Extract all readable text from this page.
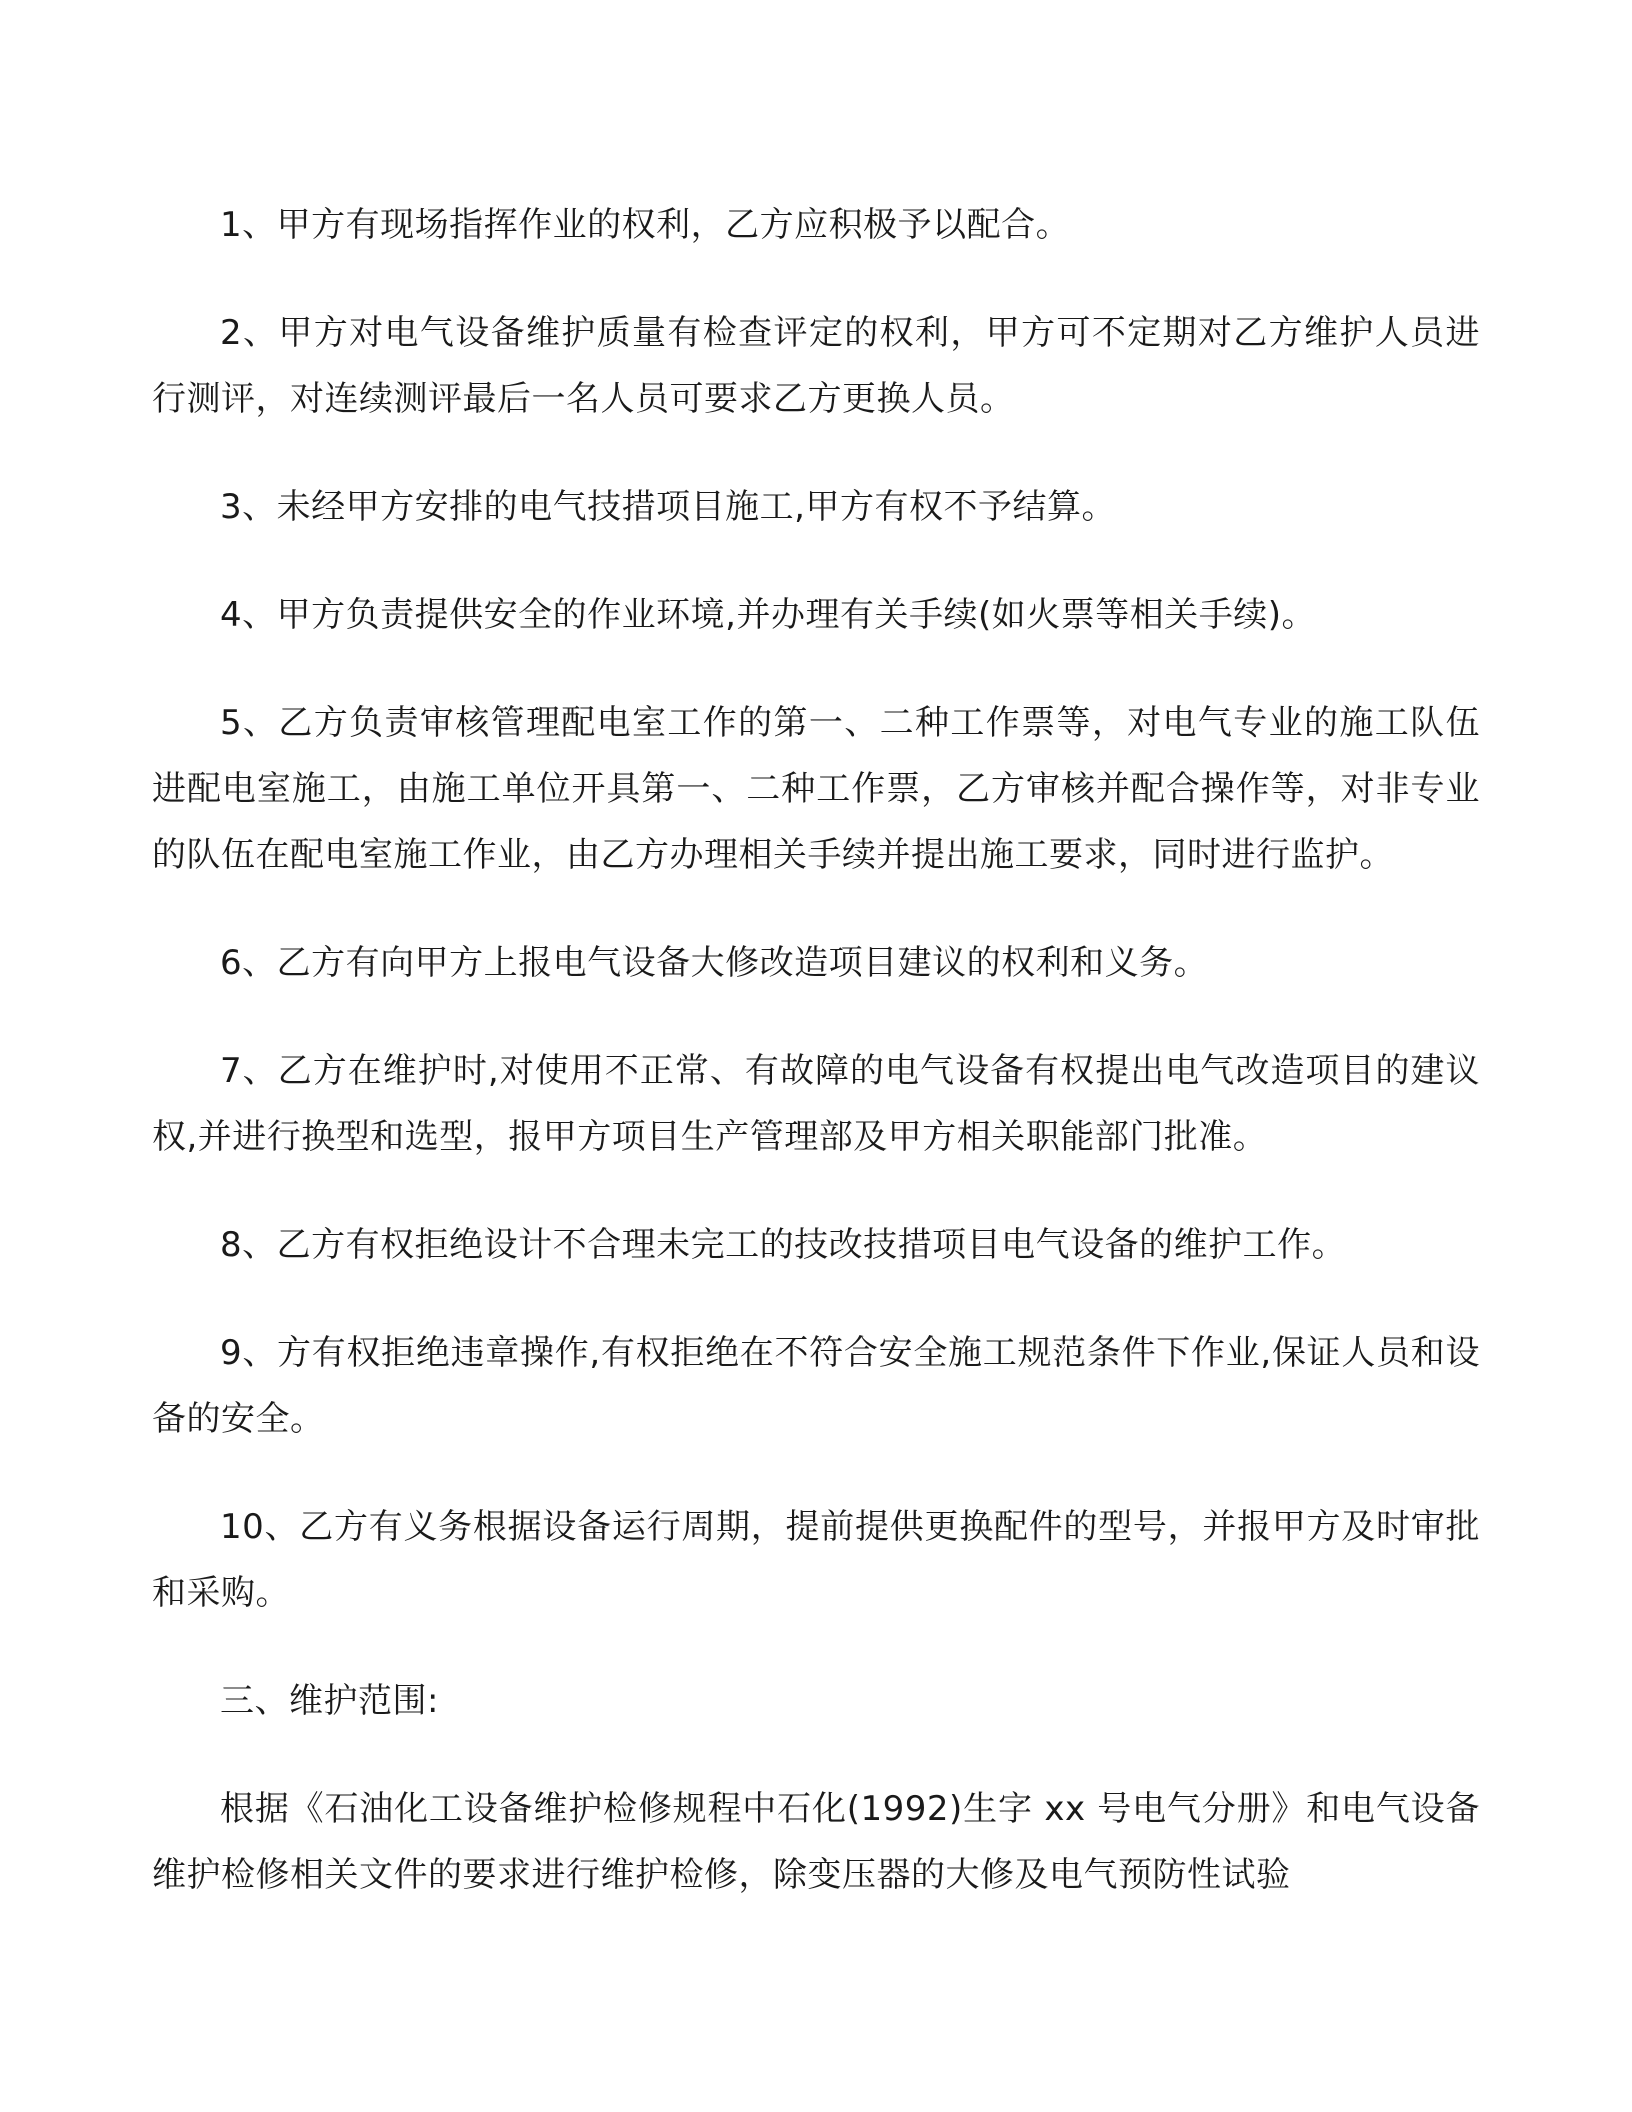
1、甲方有现场指挥作业的权利，乙方应积极予以配合。

2、甲方对电气设备维护质量有检查评定的权利，甲方可不定期对乙方维护人员进行测评，对连续测评最后一名人员可要求乙方更换人员。

3、未经甲方安排的电气技措项目施工,甲方有权不予结算。

4、甲方负责提供安全的作业环境,并办理有关手续(如火票等相关手续)。

5、乙方负责审核管理配电室工作的第一、二种工作票等，对电气专业的施工队伍进配电室施工，由施工单位开具第一、二种工作票，乙方审核并配合操作等，对非专业的队伍在配电室施工作业，由乙方办理相关手续并提出施工要求，同时进行监护。

6、乙方有向甲方上报电气设备大修改造项目建议的权利和义务。

7、乙方在维护时,对使用不正常、有故障的电气设备有权提出电气改造项目的建议权,并进行换型和选型，报甲方项目生产管理部及甲方相关职能部门批准。

8、乙方有权拒绝设计不合理未完工的技改技措项目电气设备的维护工作。

9、方有权拒绝违章操作,有权拒绝在不符合安全施工规范条件下作业,保证人员和设备的安全。

10、乙方有义务根据设备运行周期，提前提供更换配件的型号，并报甲方及时审批和采购。

三、维护范围:

根据《石油化工设备维护检修规程中石化(1992)生字 xx 号电气分册》和电气设备维护检修相关文件的要求进行维护检修，除变压器的大修及电气预防性试验
